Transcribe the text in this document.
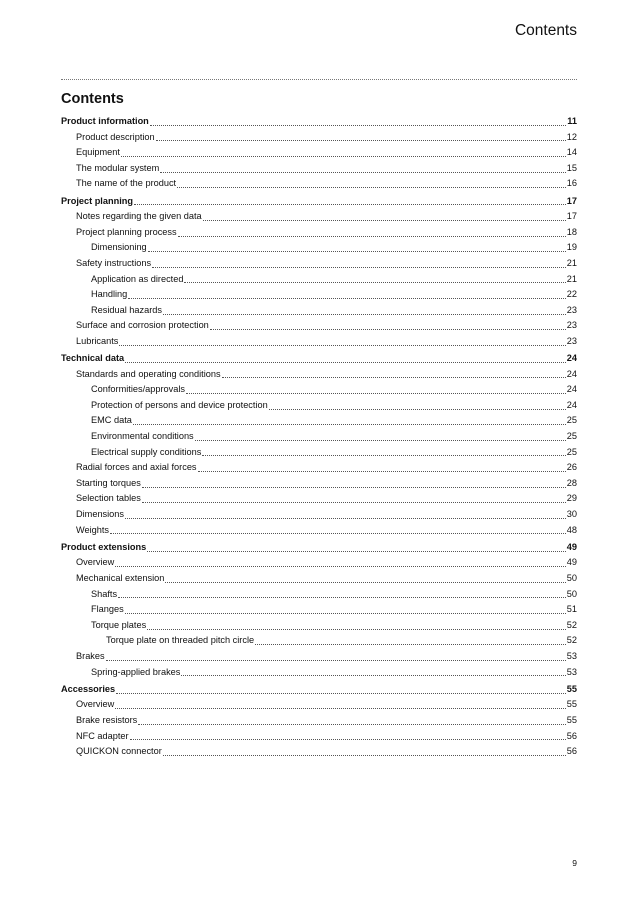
Contents
Contents
Product information	11
Product description	12
Equipment	14
The modular system	15
The name of the product	16
Project planning	17
Notes regarding the given data	17
Project planning process	18
Dimensioning	19
Safety instructions	21
Application as directed	21
Handling	22
Residual hazards	23
Surface and corrosion protection	23
Lubricants	23
Technical data	24
Standards and operating conditions	24
Conformities/approvals	24
Protection of persons and device protection	24
EMC data	25
Environmental conditions	25
Electrical supply conditions	25
Radial forces and axial forces	26
Starting torques	28
Selection tables	29
Dimensions	30
Weights	48
Product extensions	49
Overview	49
Mechanical extension	50
Shafts	50
Flanges	51
Torque plates	52
Torque plate on threaded pitch circle	52
Brakes	53
Spring-applied brakes	53
Accessories	55
Overview	55
Brake resistors	55
NFC adapter	56
QUICKON connector	56
9
